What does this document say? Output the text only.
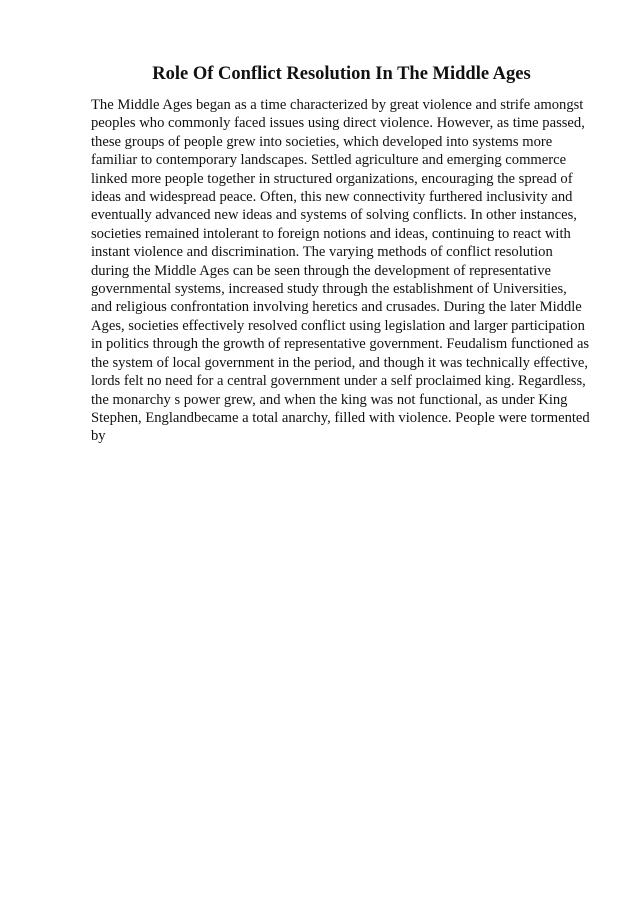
Role Of Conflict Resolution In The Middle Ages
The Middle Ages began as a time characterized by great violence and strife amongst
peoples who commonly faced issues using direct violence. However, as time passed,
these groups of people grew into societies, which developed into systems more
familiar to contemporary landscapes. Settled agriculture and emerging commerce
linked more people together in structured organizations, encouraging the spread of
ideas and widespread peace. Often, this new connectivity furthered inclusivity and
eventually advanced new ideas and systems of solving conflicts. In other instances,
societies remained intolerant to foreign notions and ideas, continuing to react with
instant violence and discrimination. The varying methods of conflict resolution
during the Middle Ages can be seen through the development of representative
governmental systems, increased study through the establishment of Universities,
and religious confrontation involving heretics and crusades. During the later Middle
Ages, societies effectively resolved conflict using legislation and larger participation
in politics through the growth of representative government. Feudalism functioned as
the system of local government in the period, and though it was technically effective,
lords felt no need for a central government under a self proclaimed king. Regardless,
the monarchy s power grew, and when the king was not functional, as under King
Stephen, Englandbecame a total anarchy, filled with violence. People were tormented
by
